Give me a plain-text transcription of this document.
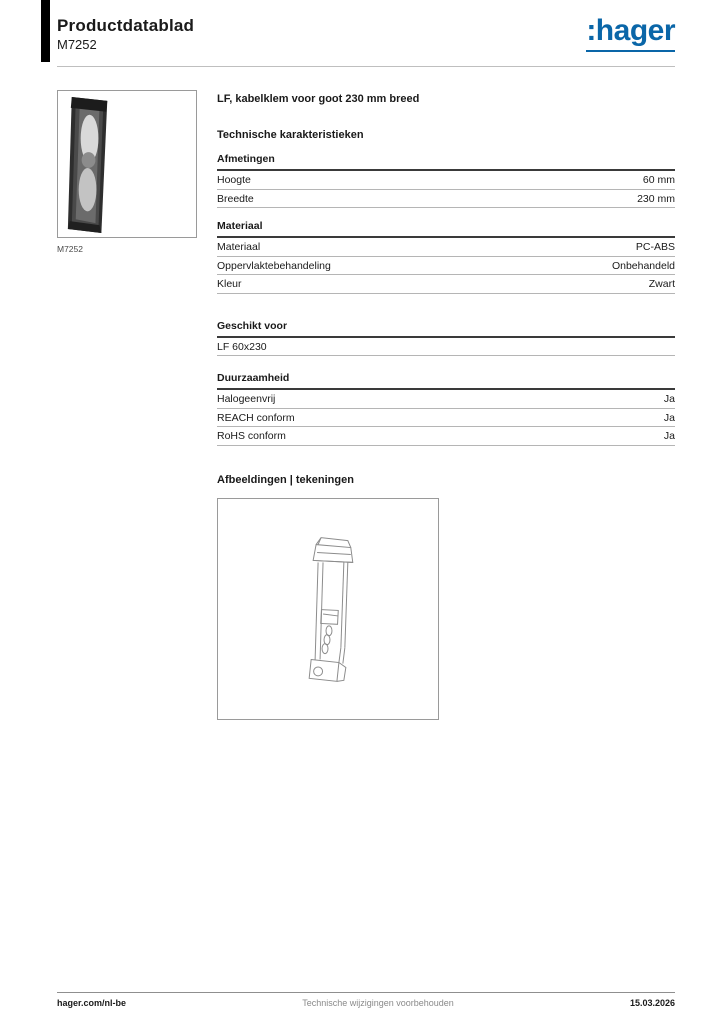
Productdatablad
M7252	:hager
M7252
LF, kabelklem voor goot 230 mm breed
Technische karakteristieken
Afmetingen
Hoogte	60 mm
Breedte	230 mm
Materiaal
Materiaal	PC-ABS
Oppervlaktebehandeling	Onbehandeld
Kleur	Zwart
Geschikt voor
LF 60x230
Duurzaamheid
Halogeenvrij	Ja
REACH conform	Ja
RoHS conform	Ja
Afbeeldingen | tekeningen
hager.com/nl-be	Technische wijzigingen voorbehouden	15.03.2026
